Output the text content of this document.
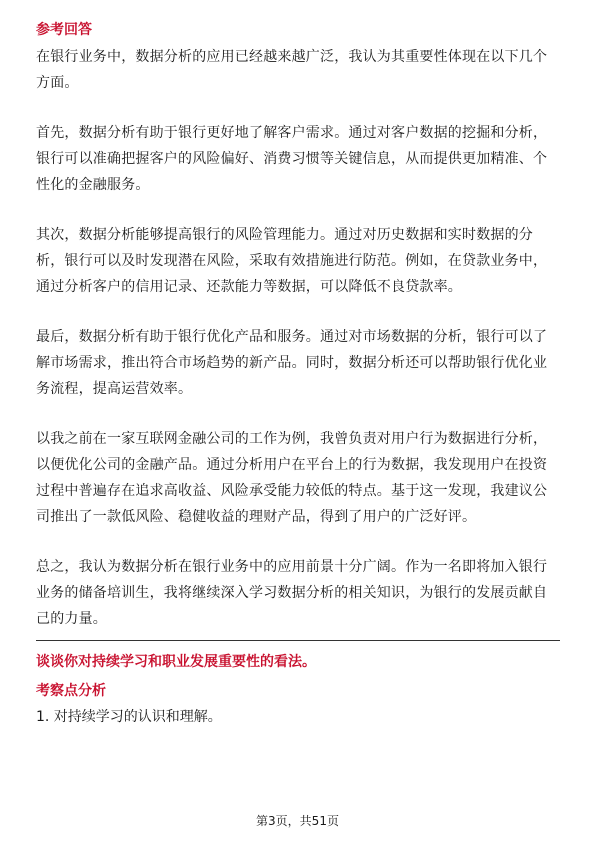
参考回答

在银行业务中，数据分析的应用已经越来越广泛，我认为其重要性体现在以下几个方面。

首先，数据分析有助于银行更好地了解客户需求。通过对客户数据的挖掘和分析，银行可以准确把握客户的风险偏好、消费习惯等关键信息，从而提供更加精准、个性化的金融服务。

其次，数据分析能够提高银行的风险管理能力。通过对历史数据和实时数据的分析，银行可以及时发现潜在风险，采取有效措施进行防范。例如，在贷款业务中，通过分析客户的信用记录、还款能力等数据，可以降低不良贷款率。

最后，数据分析有助于银行优化产品和服务。通过对市场数据的分析，银行可以了解市场需求，推出符合市场趋势的新产品。同时，数据分析还可以帮助银行优化业务流程，提高运营效率。

以我之前在一家互联网金融公司的工作为例，我曾负责对用户行为数据进行分析，以便优化公司的金融产品。通过分析用户在平台上的行为数据，我发现用户在投资过程中普遍存在追求高收益、风险承受能力较低的特点。基于这一发现，我建议公司推出了一款低风险、稳健收益的理财产品，得到了用户的广泛好评。

总之，我认为数据分析在银行业务中的应用前景十分广阔。作为一名即将加入银行业务的储备培训生，我将继续深入学习数据分析的相关知识，为银行的发展贡献自己的力量。

谈谈你对持续学习和职业发展重要性的看法。
考察点分析

1. 对持续学习的认识和理解。

第3页，共51页
